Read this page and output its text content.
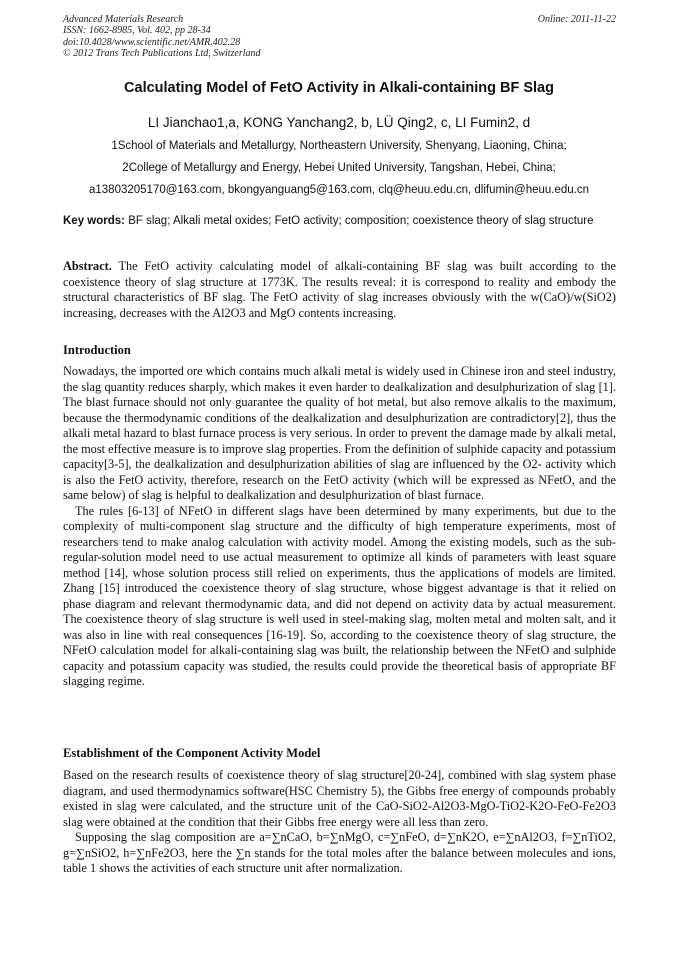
Advanced Materials Research
ISSN: 1662-8985, Vol. 402, pp 28-34
doi:10.4028/www.scientific.net/AMR.402.28
© 2012 Trans Tech Publications Ltd, Switzerland
Online: 2011-11-22
Calculating Model of FetO Activity in Alkali-containing BF Slag
LI Jianchao1,a, KONG Yanchang2, b, LÜ Qing2, c, LI Fumin2, d
1School of Materials and Metallurgy, Northeastern University, Shenyang, Liaoning, China;
2College of Metallurgy and Energy, Hebei United University, Tangshan, Hebei, China;
a13803205170@163.com, bkongyanguang5@163.com, clq@heuu.edu.cn, dlifumin@heuu.edu.cn
Key words: BF slag; Alkali metal oxides; FetO activity; composition; coexistence theory of slag structure
Abstract. The FetO activity calculating model of alkali-containing BF slag was built according to the coexistence theory of slag structure at 1773K. The results reveal: it is correspond to reality and embody the structural characteristics of BF slag. The FetO activity of slag increases obviously with the w(CaO)/w(SiO2) increasing, decreases with the Al2O3 and MgO contents increasing.
Introduction
Nowadays, the imported ore which contains much alkali metal is widely used in Chinese iron and steel industry, the slag quantity reduces sharply, which makes it even harder to dealkalization and desulphurization of slag [1]. The blast furnace should not only guarantee the quality of hot metal, but also remove alkalis to the maximum, because the thermodynamic conditions of the dealkalization and desulphurization are contradictory[2], thus the alkali metal hazard to blast furnace process is very serious. In order to prevent the damage made by alkali metal, the most effective measure is to improve slag properties. From the definition of sulphide capacity and potassium capacity[3-5], the dealkalization and desulphurization abilities of slag are influenced by the O2- activity which is also the FetO activity, therefore, research on the FetO activity (which will be expressed as NFetO, and the same below) of slag is helpful to dealkalization and desulphurization of blast furnace.
The rules [6-13] of NFetO in different slags have been determined by many experiments, but due to the complexity of multi-component slag structure and the difficulty of high temperature experiments, most of researchers tend to make analog calculation with activity model. Among the existing models, such as the sub-regular-solution model need to use actual measurement to optimize all kinds of parameters with least square method [14], whose solution process still relied on experiments, thus the applications of models are limited. Zhang [15] introduced the coexistence theory of slag structure, whose biggest advantage is that it relied on phase diagram and relevant thermodynamic data, and did not depend on activity data by actual measurement. The coexistence theory of slag structure is well used in steel-making slag, molten metal and molten salt, and it was also in line with real consequences [16-19]. So, according to the coexistence theory of slag structure, the NFetO calculation model for alkali-containing slag was built, the relationship between the NFetO and sulphide capacity and potassium capacity was studied, the results could provide the theoretical basis of appropriate BF slagging regime.
Establishment of the Component Activity Model
Based on the research results of coexistence theory of slag structure[20-24], combined with slag system phase diagram, and used thermodynamics software(HSC Chemistry 5), the Gibbs free energy of compounds probably existed in slag were calculated, and the structure unit of the CaO-SiO2-Al2O3-MgO-TiO2-K2O-FeO-Fe2O3 slag were obtained at the condition that their Gibbs free energy were all less than zero.
Supposing the slag composition are a=∑nCaO, b=∑nMgO, c=∑nFeO, d=∑nK2O, e=∑nAl2O3, f=∑nTiO2, g=∑nSiO2, h=∑nFe2O3, here the ∑n stands for the total moles after the balance between molecules and ions, table 1 shows the activities of each structure unit after normalization.
